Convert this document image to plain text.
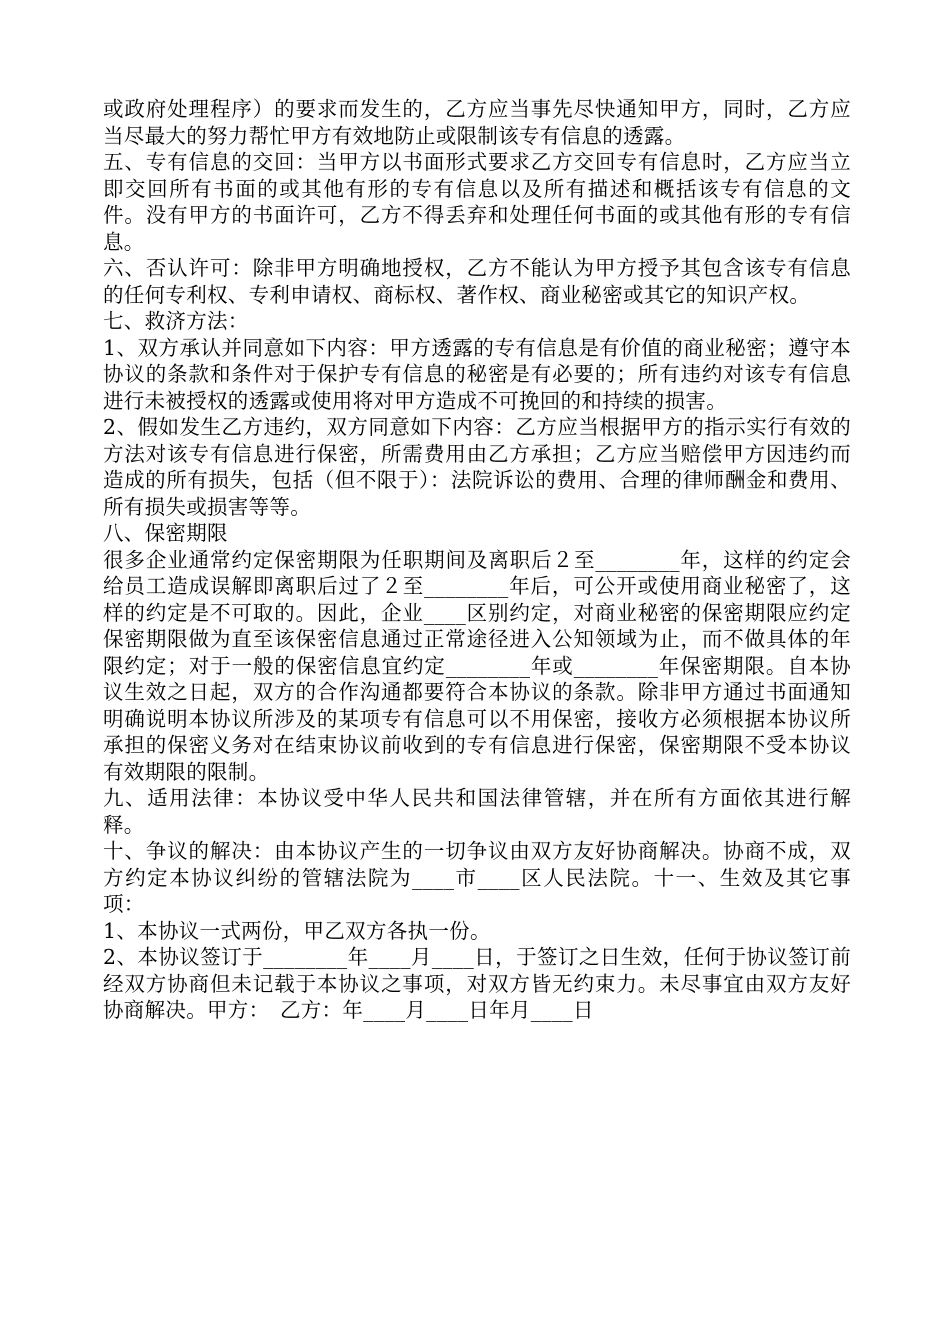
或政府处理程序）的要求而发生的，乙方应当事先尽快通知甲方，同时，乙方应当尽最大的努力帮忙甲方有效地防止或限制该专有信息的透露。

五、专有信息的交回：当甲方以书面形式要求乙方交回专有信息时，乙方应当立即交回所有书面的或其他有形的专有信息以及所有描述和概括该专有信息的文件。没有甲方的书面许可，乙方不得丢弃和处理任何书面的或其他有形的专有信息。

六、否认许可：除非甲方明确地授权，乙方不能认为甲方授予其包含该专有信息的任何专利权、专利申请权、商标权、著作权、商业秘密或其它的知识产权。

七、救济方法：

1、双方承认并同意如下内容：甲方透露的专有信息是有价值的商业秘密；遵守本协议的条款和条件对于保护专有信息的秘密是有必要的；所有违约对该专有信息进行未被授权的透露或使用将对甲方造成不可挽回的和持续的损害。

2、假如发生乙方违约，双方同意如下内容：乙方应当根据甲方的指示实行有效的方法对该专有信息进行保密，所需费用由乙方承担；乙方应当赔偿甲方因违约而造成的所有损失，包括（但不限于）：法院诉讼的费用、合理的律师酬金和费用、所有损失或损害等等。

八、保密期限

很多企业通常约定保密期限为任职期间及离职后２至________年，这样的约定会给员工造成误解即离职后过了２至________年后，可公开或使用商业秘密了，这样的约定是不可取的。因此，企业____区别约定，对商业秘密的保密期限应约定保密期限做为直至该保密信息通过正常途径进入公知领域为止，而不做具体的年限约定；对于一般的保密信息宜约定________年或________年保密期限。自本协议生效之日起，双方的合作沟通都要符合本协议的条款。除非甲方通过书面通知明确说明本协议所涉及的某项专有信息可以不用保密，接收方必须根据本协议所承担的保密义务对在结束协议前收到的专有信息进行保密，保密期限不受本协议有效期限的限制。

九、适用法律：本协议受中华人民共和国法律管辖，并在所有方面依其进行解释。

十、争议的解决：由本协议产生的一切争议由双方友好协商解决。协商不成，双方约定本协议纠纷的管辖法院为____市____区人民法院。十一、生效及其它事项：

1、本协议一式两份，甲乙双方各执一份。

2、本协议签订于________年____月____日，于签订之日生效，任何于协议签订前经双方协商但未记载于本协议之事项，对双方皆无约束力。未尽事宜由双方友好协商解决。甲方：　乙方：年____月____日年月____日
